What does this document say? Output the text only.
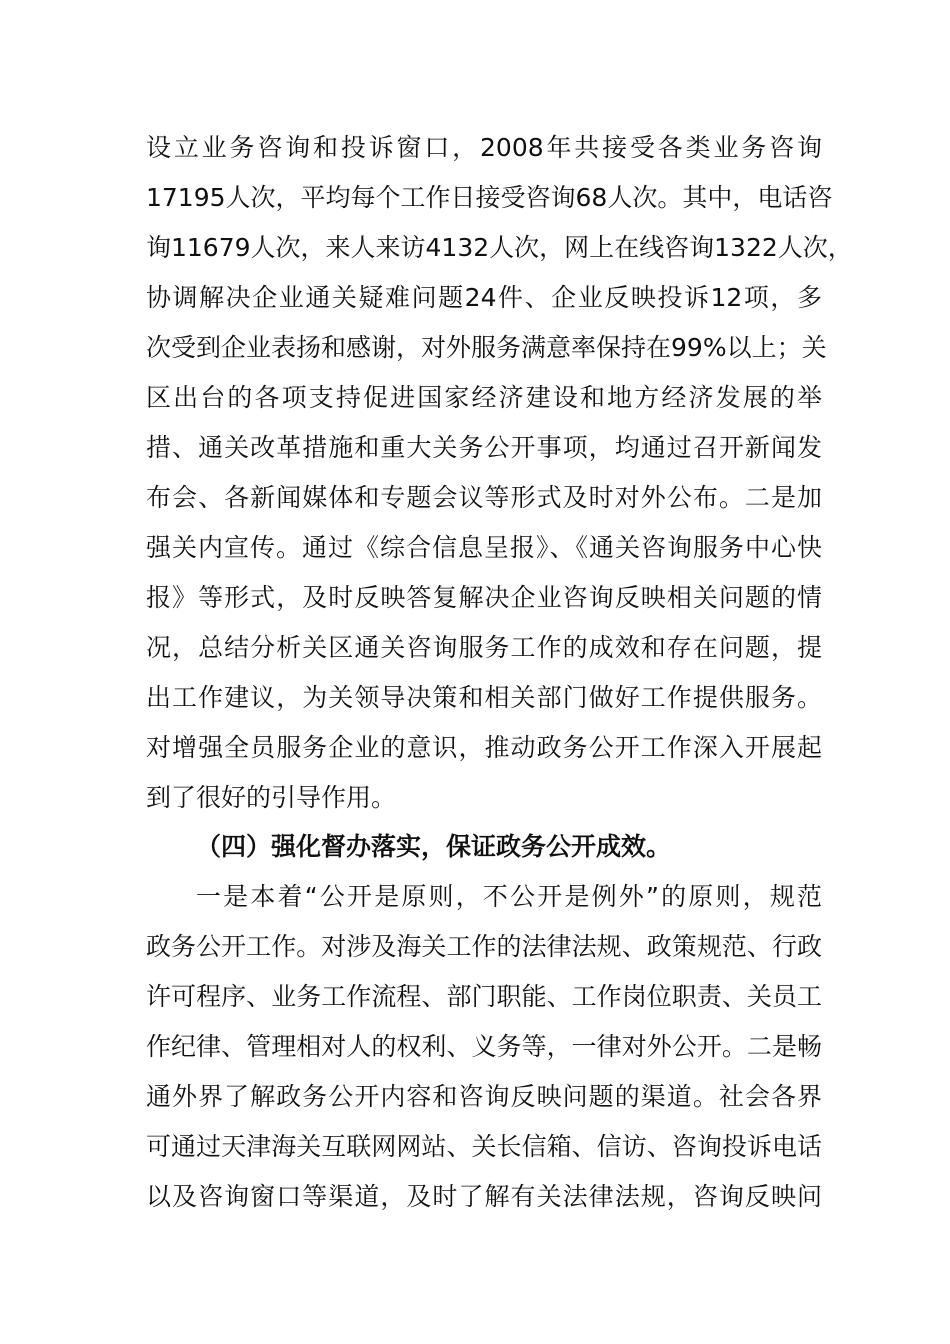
设立业务咨询和投诉窗口，2008年共接受各类业务咨询
17195人次，平均每个工作日接受咨询68人次。其中，电话咨
询11679人次，来人来访4132人次，网上在线咨询1322人次，
协调解决企业通关疑难问题24件、企业反映投诉12项，多
次受到企业表扬和感谢，对外服务满意率保持在99%以上；关
区出台的各项支持促进国家经济建设和地方经济发展的举
措、通关改革措施和重大关务公开事项，均通过召开新闻发
布会、各新闻媒体和专题会议等形式及时对外公布。二是加
强关内宣传。通过《综合信息呈报》、《通关咨询服务中心快
报》等形式，及时反映答复解决企业咨询反映相关问题的情
况，总结分析关区通关咨询服务工作的成效和存在问题，提
出工作建议，为关领导决策和相关部门做好工作提供服务。
对增强全员服务企业的意识，推动政务公开工作深入开展起
到了很好的引导作用。
（四）强化督办落实，保证政务公开成效。
一是本着“公开是原则，不公开是例外”的原则，规范
政务公开工作。对涉及海关工作的法律法规、政策规范、行政
许可程序、业务工作流程、部门职能、工作岗位职责、关员工
作纪律、管理相对人的权利、义务等，一律对外公开。二是畅
通外界了解政务公开内容和咨询反映问题的渠道。社会各界
可通过天津海关互联网网站、关长信箱、信访、咨询投诉电话
以及咨询窗口等渠道，及时了解有关法律法规，咨询反映问
